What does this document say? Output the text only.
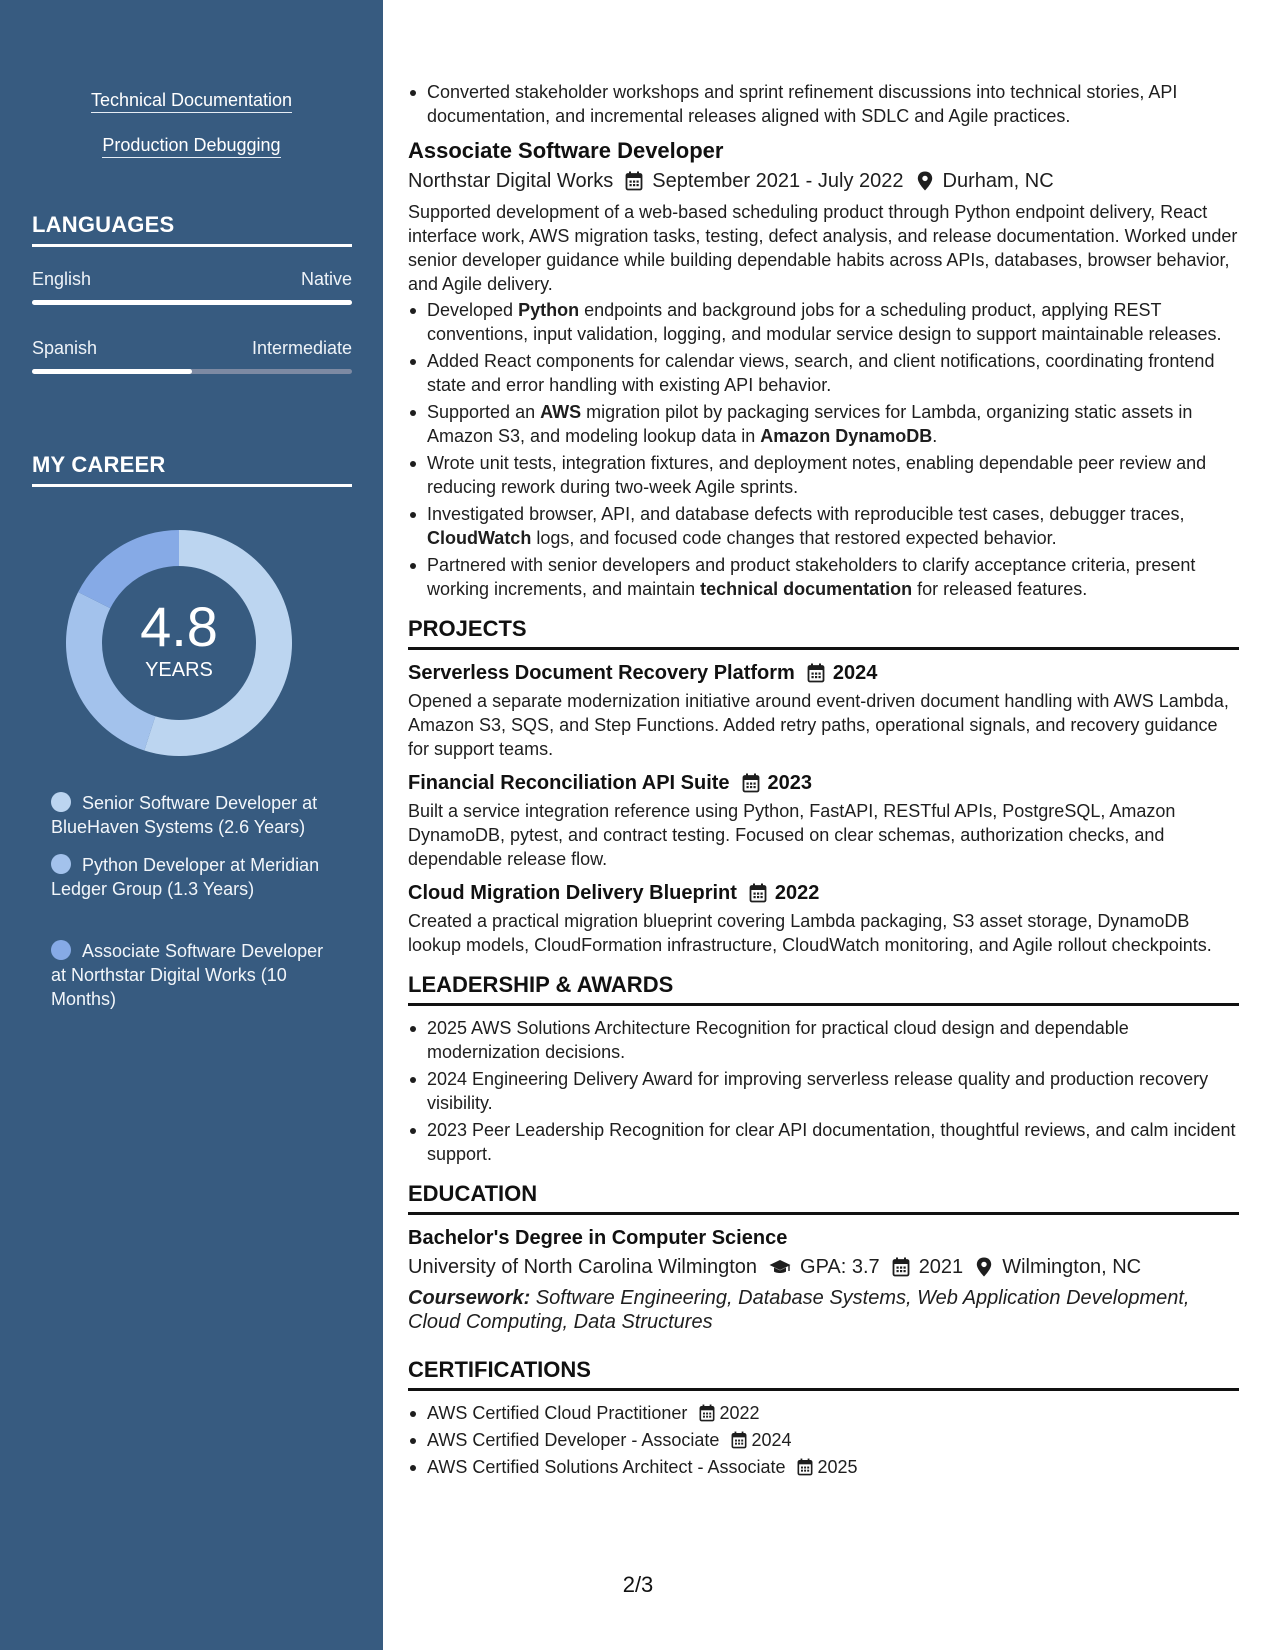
Technical Documentation
Production Debugging
LANGUAGES
English	Native
Spanish	Intermediate
MY CAREER
4.8
YEARS
Senior Software Developer at BlueHaven Systems (2.6 Years)
Python Developer at Meridian Ledger Group (1.3 Years)
Associate Software Developer at Northstar Digital Works (10 Months)
Converted stakeholder workshops and sprint refinement discussions into technical stories, API documentation, and incremental releases aligned with SDLC and Agile practices.
Associate Software Developer
Northstar Digital Works September 2021 - July 2022 Durham, NC
Supported development of a web-based scheduling product through Python endpoint delivery, React interface work, AWS migration tasks, testing, defect analysis, and release documentation. Worked under senior developer guidance while building dependable habits across APIs, databases, browser behavior, and Agile delivery.
Developed Python endpoints and background jobs for a scheduling product, applying REST conventions, input validation, logging, and modular service design to support maintainable releases.
Added React components for calendar views, search, and client notifications, coordinating frontend state and error handling with existing API behavior.
Supported an AWS migration pilot by packaging services for Lambda, organizing static assets in Amazon S3, and modeling lookup data in Amazon DynamoDB.
Wrote unit tests, integration fixtures, and deployment notes, enabling dependable peer review and reducing rework during two-week Agile sprints.
Investigated browser, API, and database defects with reproducible test cases, debugger traces, CloudWatch logs, and focused code changes that restored expected behavior.
Partnered with senior developers and product stakeholders to clarify acceptance criteria, present working increments, and maintain technical documentation for released features.
PROJECTS
Serverless Document Recovery Platform 2024
Opened a separate modernization initiative around event-driven document handling with AWS Lambda, Amazon S3, SQS, and Step Functions. Added retry paths, operational signals, and recovery guidance for support teams.
Financial Reconciliation API Suite 2023
Built a service integration reference using Python, FastAPI, RESTful APIs, PostgreSQL, Amazon DynamoDB, pytest, and contract testing. Focused on clear schemas, authorization checks, and dependable release flow.
Cloud Migration Delivery Blueprint 2022
Created a practical migration blueprint covering Lambda packaging, S3 asset storage, DynamoDB lookup models, CloudFormation infrastructure, CloudWatch monitoring, and Agile rollout checkpoints.
LEADERSHIP & AWARDS
2025 AWS Solutions Architecture Recognition for practical cloud design and dependable modernization decisions.
2024 Engineering Delivery Award for improving serverless release quality and production recovery visibility.
2023 Peer Leadership Recognition for clear API documentation, thoughtful reviews, and calm incident support.
EDUCATION
Bachelor's Degree in Computer Science
University of North Carolina Wilmington GPA: 3.7 2021 Wilmington, NC
Coursework: Software Engineering, Database Systems, Web Application Development, Cloud Computing, Data Structures
CERTIFICATIONS
AWS Certified Cloud Practitioner 2022
AWS Certified Developer - Associate 2024
AWS Certified Solutions Architect - Associate 2025
2/3
